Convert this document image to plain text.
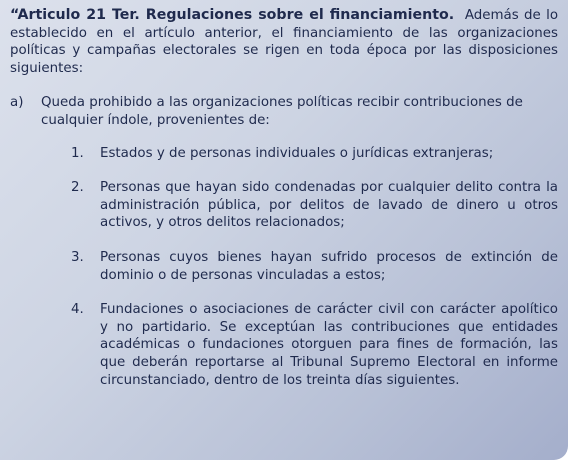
“Articulo 21 Ter. Regulaciones sobre el financiamiento. Además de lo establecido en el artículo anterior, el financiamiento de las organizaciones políticas y campañas electorales se rigen en toda época por las disposiciones siguientes:

a) Queda prohibido a las organizaciones políticas recibir contribuciones de cualquier índole, provenientes de:

1. Estados y de personas individuales o jurídicas extranjeras;
2. Personas que hayan sido condenadas por cualquier delito contra la administración pública, por delitos de lavado de dinero u otros activos, y otros delitos relacionados;
3. Personas cuyos bienes hayan sufrido procesos de extinción de dominio o de personas vinculadas a estos;
4. Fundaciones o asociaciones de carácter civil con carácter apolítico y no partidario. Se exceptúan las contribuciones que entidades académicas o fundaciones otorguen para fines de formación, las que deberán reportarse al Tribunal Supremo Electoral en informe circunstanciado, dentro de los treinta días siguientes.
